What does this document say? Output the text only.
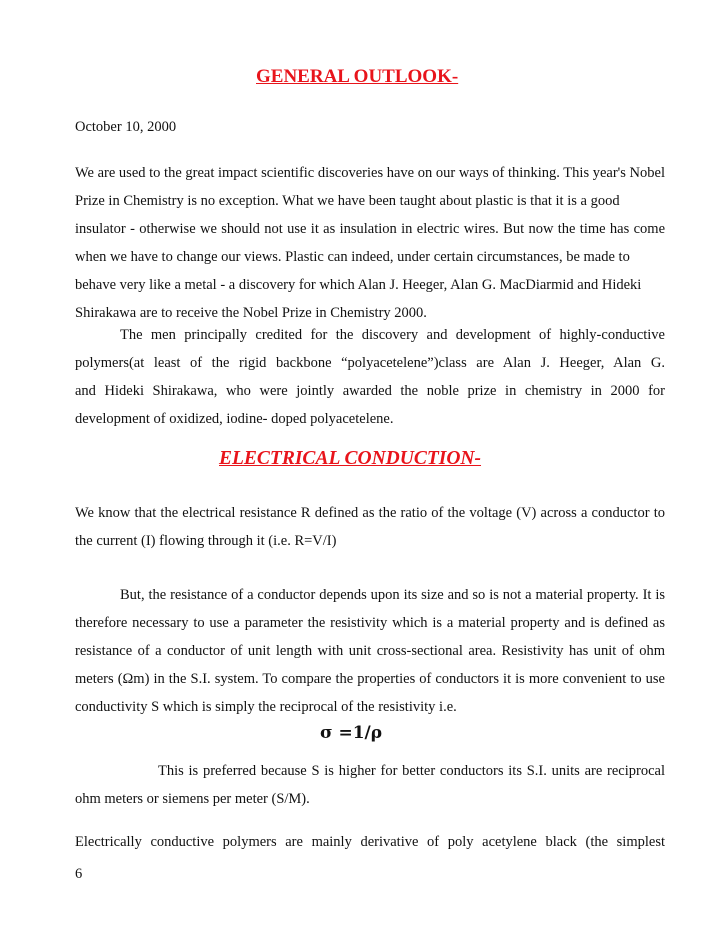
GENERAL OUTLOOK-
October 10, 2000
We are used to the great impact scientific discoveries have on our ways of thinking. This year's Nobel
Prize in Chemistry is no exception. What we have been taught about plastic is that it is a good
insulator - otherwise we should not use it as insulation in electric wires. But now the time has come
when we have to change our views. Plastic can indeed, under certain circumstances, be made to
behave very like a metal - a discovery for which Alan J. Heeger, Alan G. MacDiarmid and Hideki
Shirakawa are to receive the Nobel Prize in Chemistry 2000.
The men principally credited for the discovery and development of highly-conductive
polymers(at least of the rigid backbone “polyacetelene”)class are Alan J. Heeger, Alan G.
and Hideki Shirakawa, who were jointly awarded the noble prize in chemistry in 2000 for
development of oxidized, iodine- doped polyacetelene.
ELECTRICAL CONDUCTION-
We know that the electrical resistance R defined as the ratio of the voltage (V) across a conductor to
the current (I) flowing through it (i.e. R=V/I)
But, the resistance of a conductor depends upon its size and so is not a material property. It is
therefore necessary to use a parameter the resistivity which is a material property and is defined as
resistance of a conductor of unit length with unit cross-sectional area. Resistivity has unit of ohm
meters (Ωm) in the S.I. system. To compare the properties of conductors it is more convenient to use
conductivity S which is simply the reciprocal of the resistivity i.e.
σ =1/ρ
This is preferred because S is higher for better conductors its S.I. units are reciprocal
ohm meters or siemens per meter (S/M).
Electrically conductive polymers are mainly derivative of poly acetylene black (the simplest
6
